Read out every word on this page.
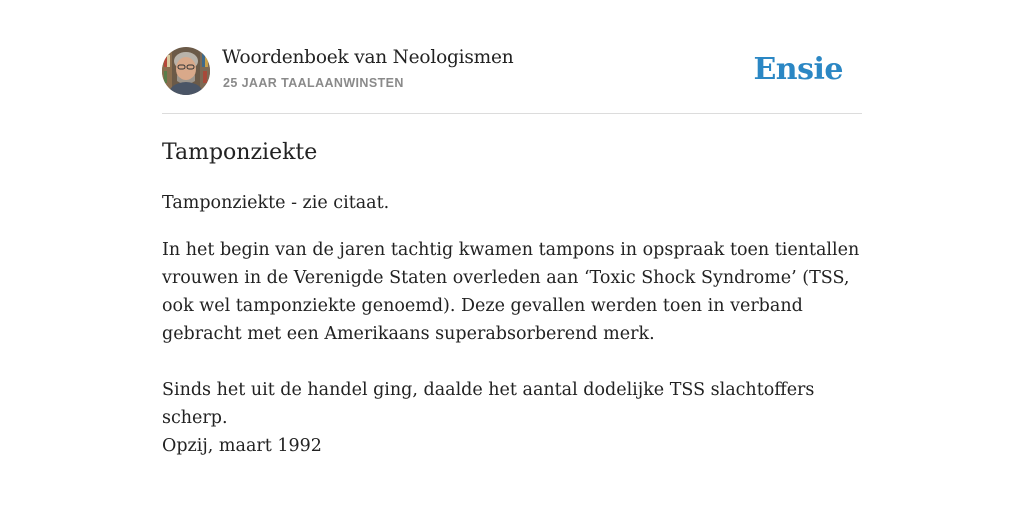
Woordenboek van Neologismen
25 JAAR TAALAANWINSTEN	Ensie
Tamponziekte

Tamponziekte - zie citaat.

In het begin van de jaren tachtig kwamen tampons in opspraak toen tientallen vrouwen in de Verenigde Staten overleden aan ‘Toxic Shock Syndrome’ (TSS, ook wel tamponziekte genoemd). Deze gevallen werden toen in verband gebracht met een Amerikaans superabsorberend merk.

Sinds het uit de handel ging, daalde het aantal dodelijke TSS slachtoffers scherp.

Opzij, maart 1992
